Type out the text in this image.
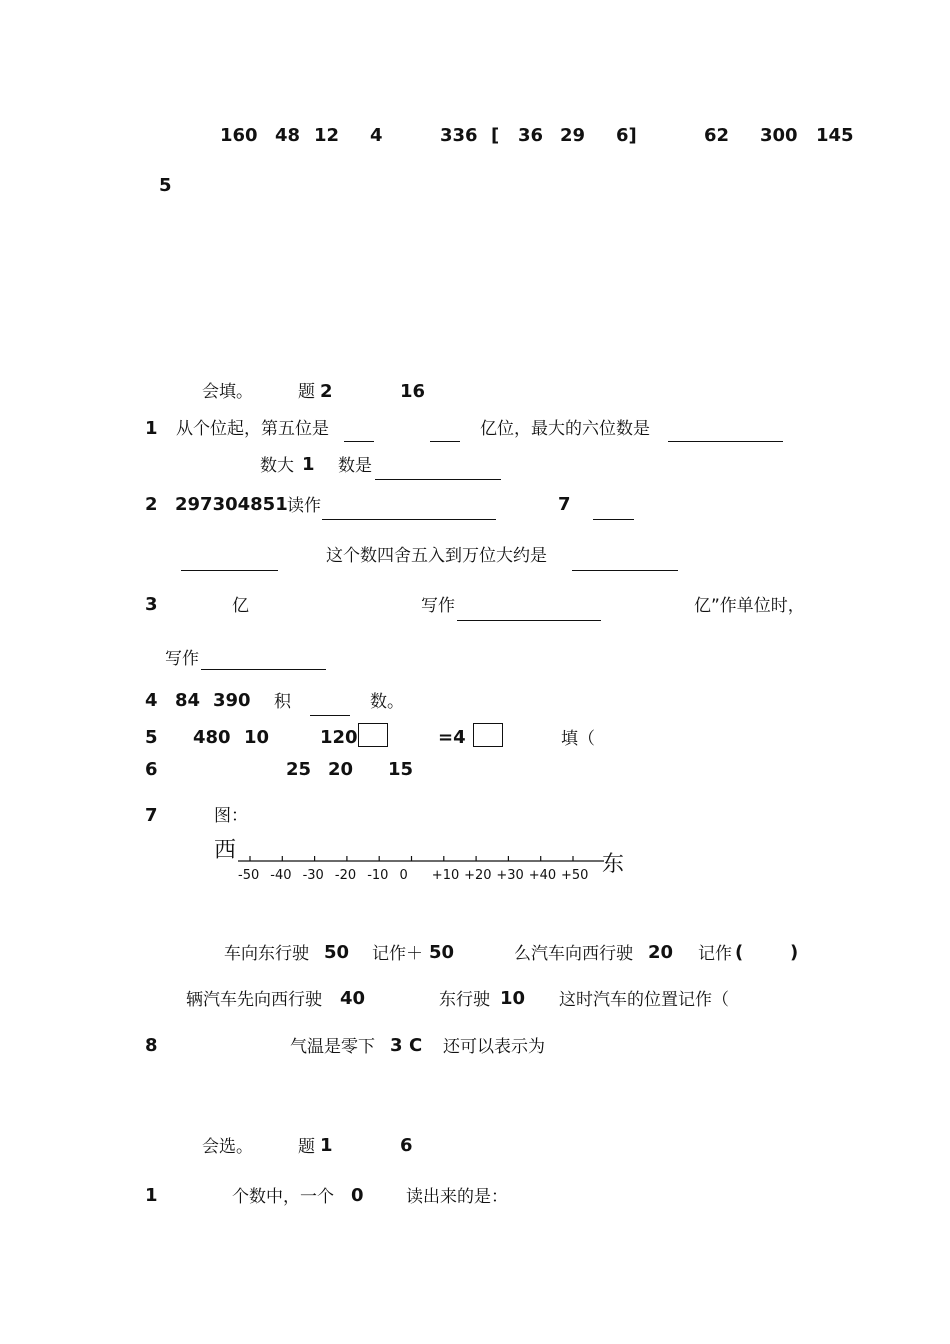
160 48 12 4	336 [ 36 29 6]	62 300 145
5
会填。	题 2	16
1 从个位起，第五位是	亿位，最大的六位数是
数大 1 数是
2 297304851 读作	7
这个数四舍五入到万位大约是
3	亿	写作	亿”作单位时，
写作
4 84 390 积	数。
5 480 10	120	=4	填（
6	25 20 15
7	图：
西
东
-50 -40 -30 -20 -10 0 +10 +20 +30 +40 +50
车向东行驶 50 记作＋ 50	么汽车向西行驶 20 记作 (	)
辆汽车先向西行驶 40	东行驶 10 这时汽车的位置记作（
8	气温是零下 3 C 还可以表示为
会选。	题 1	6
1	个数中，一个 0 读出来的是：
